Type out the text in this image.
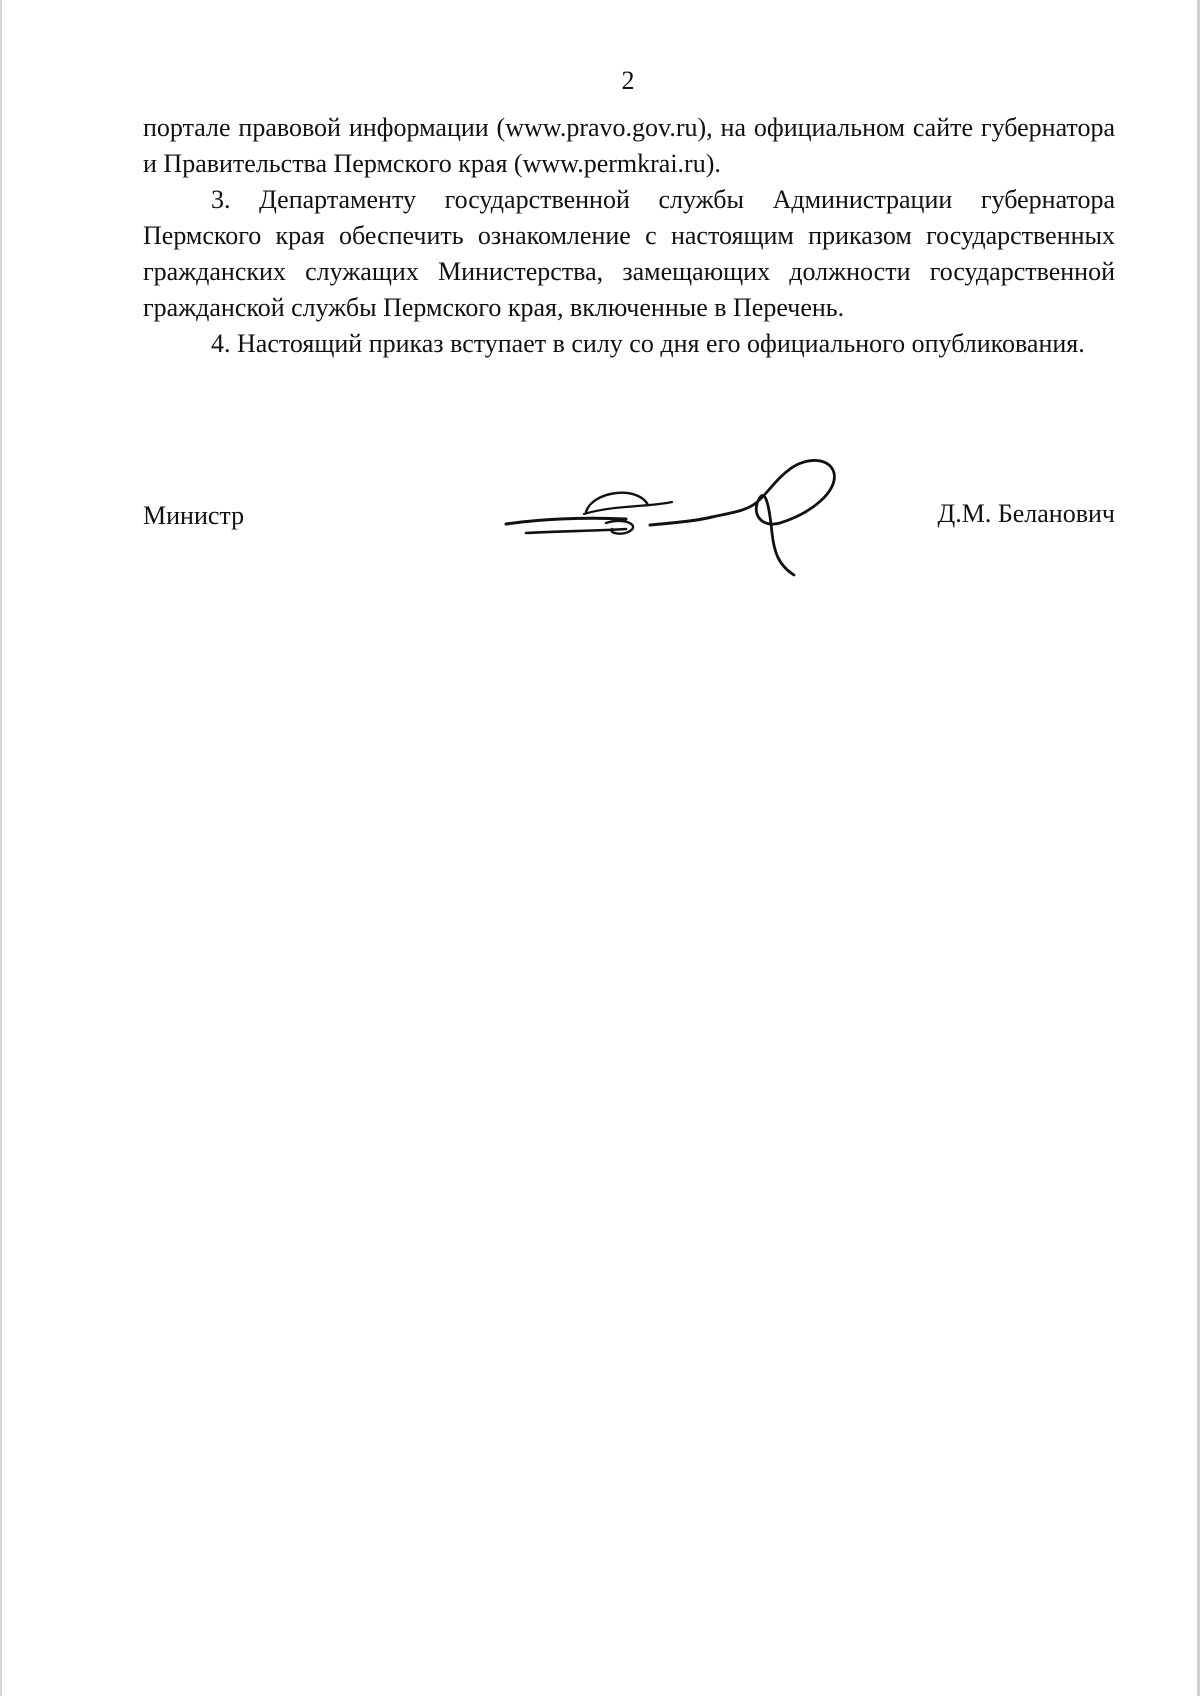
2

порталe правовой информации (www.pravo.gov.ru), на официальном сайте губернатора и Правительства Пермского края (www.permkrai.ru).

3. Департаменту государственной службы Администрации губернатора Пермского края обеспечить ознакомление с настоящим приказом государственных гражданских служащих Министерства, замещающих должности государственной гражданской службы Пермского края, включенные в Перечень.

4. Настоящий приказ вступает в силу со дня его официального опубликования.

Министр	Д.М. Беланович
